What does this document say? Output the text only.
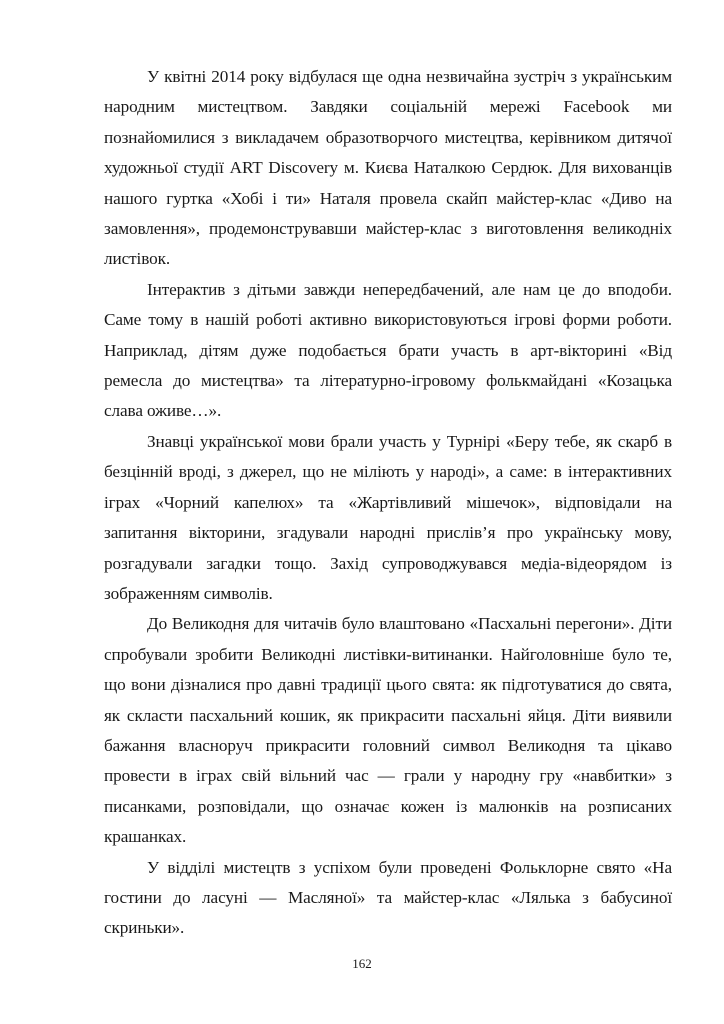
У квітні 2014 року відбулася ще одна незвичайна зустріч з українським народним мистецтвом. Завдяки соціальній мережі Facebook ми познайомилися з викладачем образотворчого мистецтва, керівником дитячої художньої студії ART Discovery м. Києва Наталкою Сердюк. Для вихованців нашого гуртка «Хобі і ти» Наталя провела скайп майстер-клас «Диво на замовлення», продемонструвавши майстер-клас з виготовлення великодніх листівок.

Інтерактив з дітьми завжди непередбачений, але нам це до вподоби. Саме тому в нашій роботі активно використовуються ігрові форми роботи. Наприклад, дітям дуже подобається брати участь в арт-вікторині «Від ремесла до мистецтва» та літературно-ігровому фолькмайдані «Козацька слава оживе…».

Знавці української мови брали участь у Турнірі «Беру тебе, як скарб в безцінній вроді, з джерел, що не міліють у народі», а саме: в інтерактивних іграх «Чорний капелюх» та «Жартівливий мішечок», відповідали на запитання вікторини, згадували народні прислів’я про українську мову, розгадували загадки тощо. Захід супроводжувався медіа-відеорядом із зображенням символів.

До Великодня для читачів було влаштовано «Пасхальні перегони». Діти спробували зробити Великодні листівки-витинанки. Найголовніше було те, що вони дізналися про давні традиції цього свята: як підготуватися до свята, як скласти пасхальний кошик, як прикрасити пасхальні яйця. Діти виявили бажання власноруч прикрасити головний символ Великодня та цікаво провести в іграх свій вільний час — грали у народну гру «навбитки» з писанками, розповідали, що означає кожен із малюнків на розписаних крашанках.

У відділі мистецтв з успіхом були проведені Фольклорне свято «На гостини до ласуні — Масляної» та майстер-клас «Лялька з бабусиної скриньки».

162
